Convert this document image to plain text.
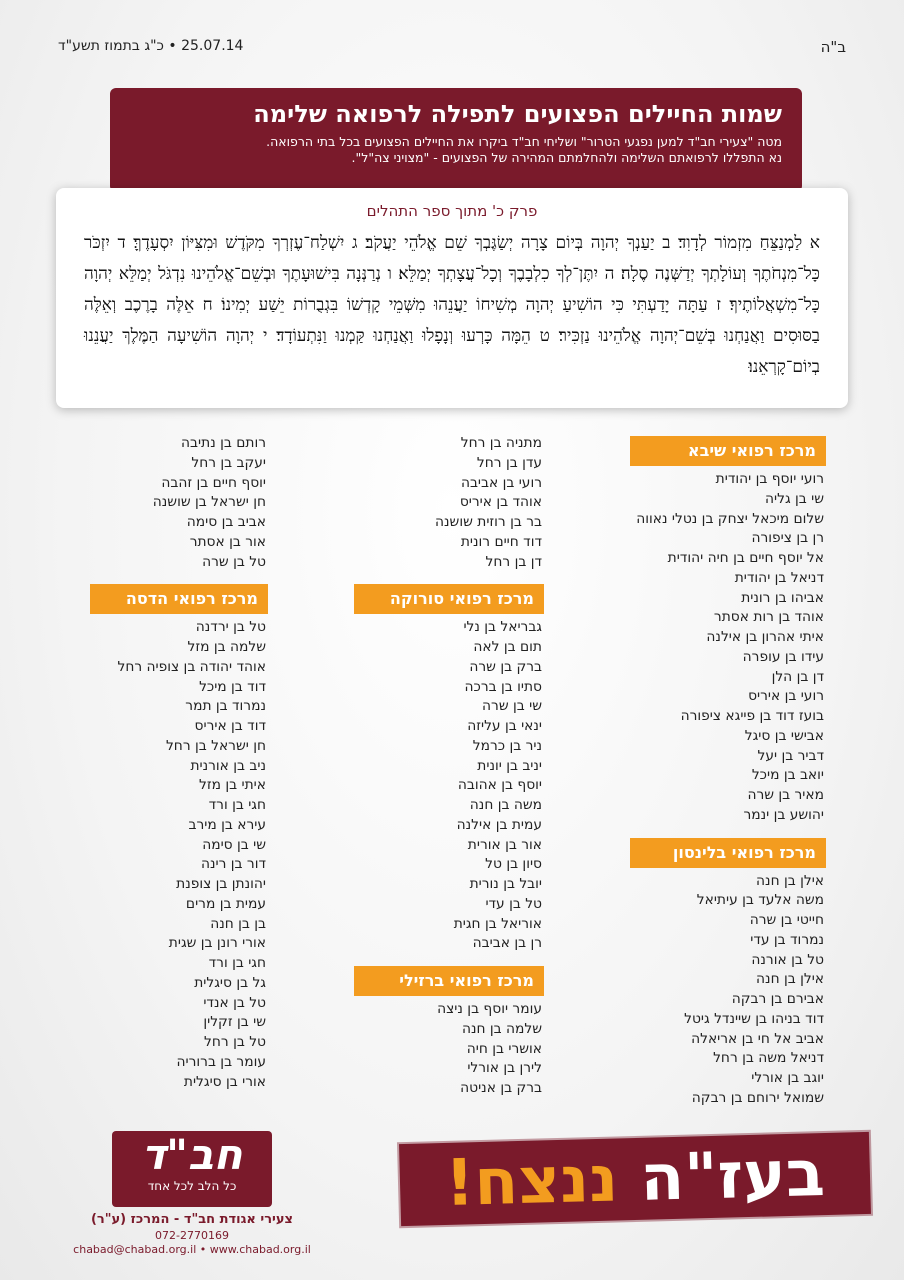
25.07.14 • כ"ג בתמוז תשע"ד	ב"ה
שמות החיילים הפצועים לתפילה לרפואה שלימה

מטה "צעירי חב"ד למען נפגעי הטרור" ושליחי חב"ד ביקרו את החיילים הפצועים בכל בתי הרפואה.

נא התפללו לרפואתם השלימה ולהחלמתם המהירה של הפצועים - "מצויני צה"ל".

פרק כ' מתוך ספר התהלים
א לַמְנַצֵּחַ מִזְמוֹר לְדָוִד׃ ב יַעַנְךָ יְהוָה בְּיוֹם צָרָה יְשַׂגֶּבְךָ שֵׁם אֱלֹהֵי יַעֲקֹב׃ ג יִשְׁלַח־עֶזְרְךָ מִקֹּדֶשׁ וּמִצִּיּוֹן יִסְעָדֶךָּ׃ ד יִזְכֹּר כָּל־מִנְחֹתֶךָ וְעוֹלָתְךָ יְדַשְּׁנֶה סֶלָה׃ ה יִתֶּן־לְךָ כִלְבָבֶךָ וְכָל־עֲצָתְךָ יְמַלֵּא׃ ו נְרַנְּנָה בִּישׁוּעָתֶךָ וּבְשֵׁם־אֱלֹהֵינוּ נִדְגֹּל יְמַלֵּא יְהוָה כָּל־מִשְׁאֲלוֹתֶיךָ׃ ז עַתָּה יָדַעְתִּי כִּי הוֹשִׁיעַ יְהוָה מְשִׁיחוֹ יַעֲנֵהוּ מִשְּׁמֵי קָדְשׁוֹ בִּגְבֻרוֹת יֵשַׁע יְמִינוֹ׃ ח אֵלֶּה בָרֶכֶב וְאֵלֶּה בַסּוּסִים וַאֲנַחְנוּ בְּשֵׁם־יְהוָה אֱלֹהֵינוּ נַזְכִּיר׃ ט הֵמָּה כָּרְעוּ וְנָפָלוּ וַאֲנַחְנוּ קַּמְנוּ וַנִּתְעוֹדָד׃ י יְהוָה הוֹשִׁיעָה הַמֶּלֶךְ יַעֲנֵנוּ בְיוֹם־קָרְאֵנוּ׃
מרכז רפואי שיבא
רועי יוסף בן יהודית
שי בן גליה
שלום מיכאל יצחק בן נטלי נאווה
רן בן ציפורה
אל יוסף חיים בן חיה יהודית
דניאל בן יהודית
אביהו בן רונית
אוהד בן רות אסתר
איתי אהרון בן אילנה
עידו בן עופרה
דן בן הלן
רועי בן איריס
בועז דוד בן פייגא ציפורה
אבישי בן סיגל
דביר בן יעל
יואב בן מיכל
מאיר בן שרה
יהושע בן ינמר
מרכז רפואי בלינסון
אילן בן חנה
משה אלעד בן עיתיאל
חייטי בן שרה
נמרוד בן עדי
טל בן אורנה
אילן בן חנה
אבירם בן רבקה
דוד בניהו בן שיינדל גיטל
אביב אל חי בן אריאלה
דניאל משה בן רחל
יוגב בן אורלי
שמואל ירוחם בן רבקה
מתניה בן רחל
עדן בן רחל
רועי בן אביבה
אוהד בן איריס
בר בן רוזית שושנה
דוד חיים רונית
דן בן רחל
מרכז רפואי סורוקה
גבריאל בן נלי
תום בן לאה
ברק בן שרה
סתיו בן ברכה
שי בן שרה
ינאי בן עליזה
ניר בן כרמל
יניב בן יונית
יוסף בן אהובה
משה בן חנה
עמית בן אילנה
אור בן אורית
סיון בן טל
יובל בן נורית
טל בן עדי
אוריאל בן חגית
רן בן אביבה
מרכז רפואי ברזילי
עומר יוסף בן ניצה
שלמה בן חנה
אושרי בן חיה
לירן בן אורלי
ברק בן אניטה
רותם בן נתיבה
יעקב בן רחל
יוסף חיים בן זהבה
חן ישראל בן שושנה
אביב בן סימה
אור בן אסתר
טל בן שרה
מרכז רפואי הדסה
טל בן ירדנה
שלמה בן מזל
אוהד יהודה בן צופיה רחל
דוד בן מיכל
נמרוד בן תמר
דוד בן איריס
חן ישראל בן רחל
ניב בן אורנית
איתי בן מזל
חגי בן ורד
עירא בן מירב
שי בן סימה
דור בן רינה
יהונתן בן צופנת
עמית בן מרים
בן בן חנה
אורי רונן בן שגית
חגי בן ורד
גל בן סיגלית
טל בן אנדי
שי בן זקלין
טל בן רחל
עומר בן ברוריה
אורי בן סיגלית
חב"ד
כל הלב לכל אחד
צעירי אגודת חב"ד - המרכז (ע"ר)
072-2770169
chabad@chabad.org.il • www.chabad.org.il
בעז"ה ננצח!
